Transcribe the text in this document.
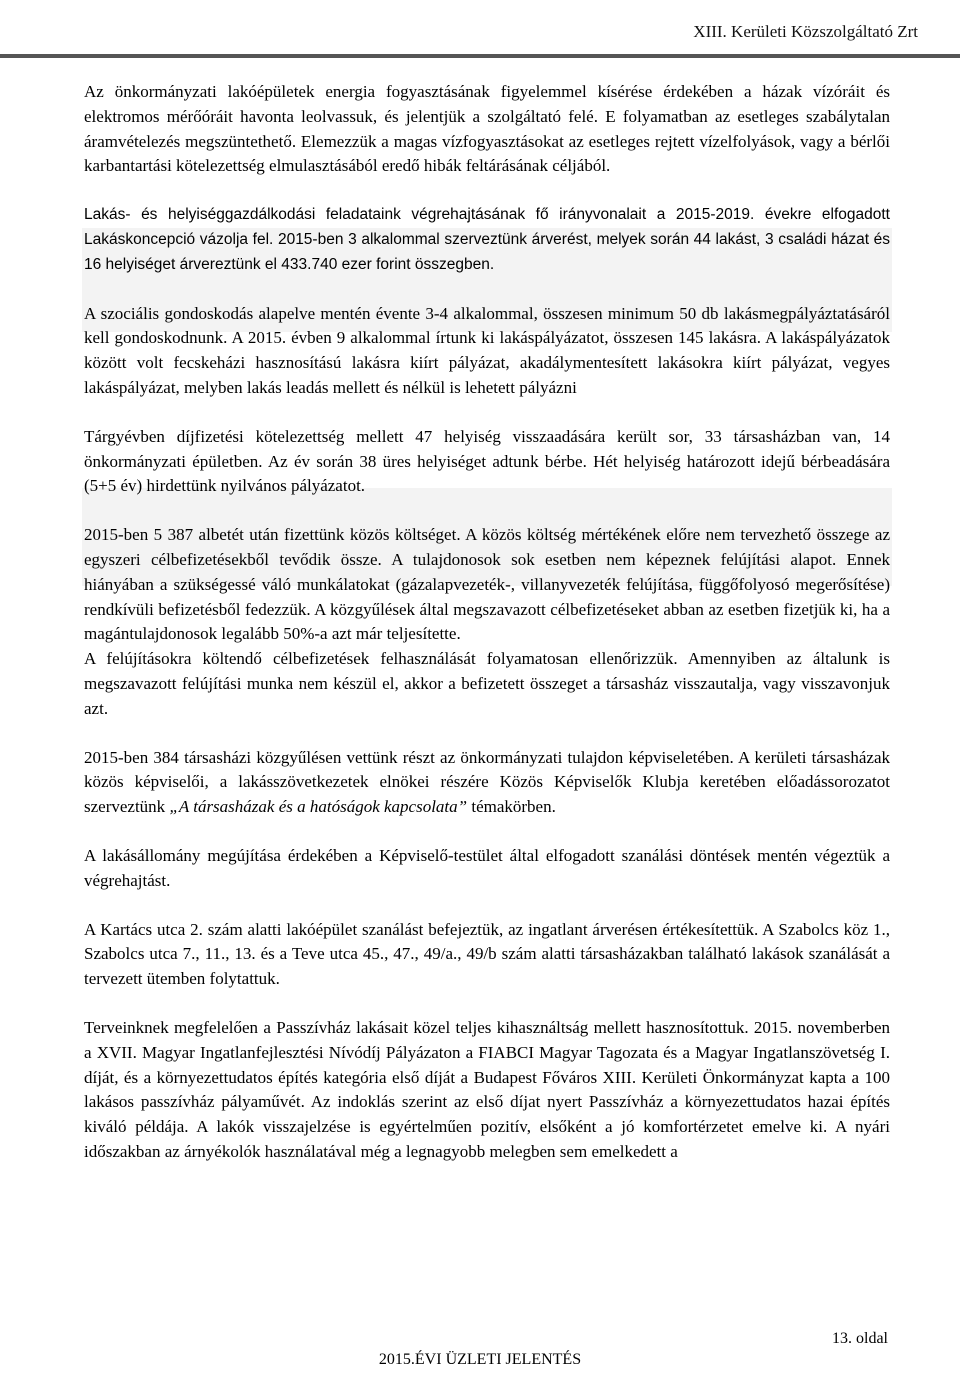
XIII. Kerületi Közszolgáltató Zrt

Az önkormányzati lakóépületek energia fogyasztásának figyelemmel kísérése érdekében a házak vízóráit és elektromos mérőóráit havonta leolvassuk, és jelentjük a szolgáltató felé. E folyamatban az esetleges szabálytalan áramvételezés megszüntethető. Elemezzük a magas vízfogyasztásokat az esetleges rejtett vízelfolyások, vagy a bérlői karbantartási kötelezettség elmulasztásából eredő hibák feltárásának céljából.

Lakás- és helyiséggazdálkodási feladataink végrehajtásának fő irányvonalait a 2015-2019. évekre elfogadott Lakáskoncepció vázolja fel. 2015-ben 3 alkalommal szerveztünk árverést, melyek során 44 lakást, 3 családi házat és 16 helyiséget árvereztünk el 433.740 ezer forint összegben.

A szociális gondoskodás alapelve mentén évente 3-4 alkalommal, összesen minimum 50 db lakásmegpályáztatásáról kell gondoskodnunk. A 2015. évben 9 alkalommal írtunk ki lakáspályázatot, összesen 145 lakásra. A lakáspályázatok között volt fecskeházi hasznosítású lakásra kiírt pályázat, akadálymentesített lakásokra kiírt pályázat, vegyes lakáspályázat, melyben lakás leadás mellett és nélkül is lehetett pályázni

Tárgyévben díjfizetési kötelezettség mellett 47 helyiség visszaadására került sor, 33 társasházban van, 14 önkormányzati épületben. Az év során 38 üres helyiséget adtunk bérbe. Hét helyiség határozott idejű bérbeadására (5+5 év) hirdettünk nyilvános pályázatot.

2015-ben 5 387 albetét után fizettünk közös költséget. A közös költség mértékének előre nem tervezhető összege az egyszeri célbefizetésekből tevődik össze. A tulajdonosok sok esetben nem képeznek felújítási alapot. Ennek hiányában a szükségessé váló munkálatokat (gázalapvezeték-, villanyvezeték felújítása, függőfolyosó megerősítése) rendkívüli befizetésből fedezzük. A közgyűlések által megszavazott célbefizetéseket abban az esetben fizetjük ki, ha a magántulajdonosok legalább 50%-a azt már teljesítette.

A felújításokra költendő célbefizetések felhasználását folyamatosan ellenőrizzük. Amennyiben az általunk is megszavazott felújítási munka nem készül el, akkor a befizetett összeget a társasház visszautalja, vagy visszavonjuk azt.

2015-ben 384 társasházi közgyűlésen vettünk részt az önkormányzati tulajdon képviseletében. A kerületi társasházak közös képviselői, a lakásszövetkezetek elnökei részére Közös Képviselők Klubja keretében előadássorozatot szerveztünk „A társasházak és a hatóságok kapcsolata” témakörben.

A lakásállomány megújítása érdekében a Képviselő-testület által elfogadott szanálási döntések mentén végeztük a végrehajtást.

A Kartács utca 2. szám alatti lakóépület szanálást befejeztük, az ingatlant árverésen értékesítettük. A Szabolcs köz 1., Szabolcs utca 7., 11., 13. és a Teve utca 45., 47., 49/a., 49/b szám alatti társasházakban található lakások szanálását a tervezett ütemben folytattuk.

Terveinknek megfelelően a Passzívház lakásait közel teljes kihasználtság mellett hasznosítottuk. 2015. novemberben a XVII. Magyar Ingatlanfejlesztési Nívódíj Pályázaton a FIABCI Magyar Tagozata és a Magyar Ingatlanszövetség I. díját, és a környezettudatos építés kategória első díját a Budapest Főváros XIII. Kerületi Önkormányzat kapta a 100 lakásos passzívház pályaművét. Az indoklás szerint az első díjat nyert Passzívház a környezettudatos hazai építés kiváló példája. A lakók visszajelzése is egyértelműen pozitív, elsőként a jó komfortérzetet emelve ki. A nyári időszakban az árnyékolók használatával még a legnagyobb melegben sem emelkedett a

13. oldal
2015.ÉVI ÜZLETI JELENTÉS
